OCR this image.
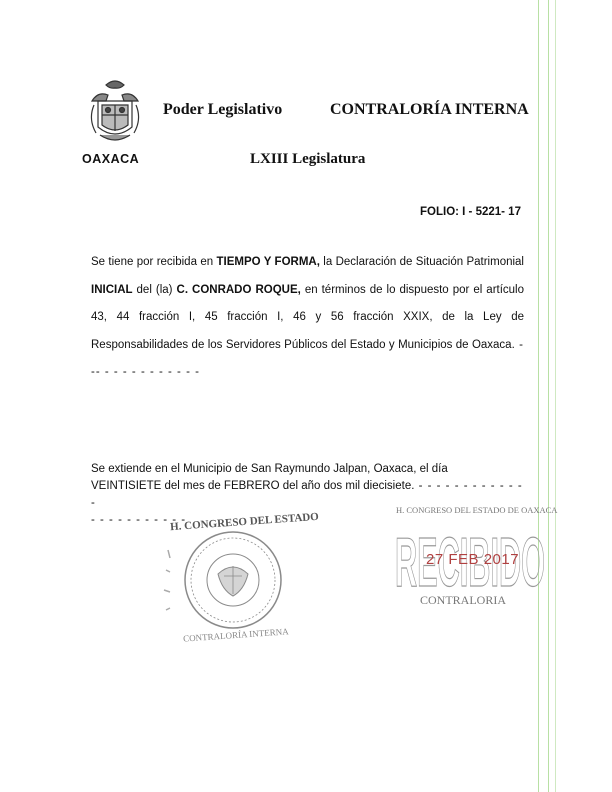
OAXACA
Poder Legislativo	CONTRALORÍA INTERNA
LXIII Legislatura
FOLIO: I - 5221- 17
Se tiene por recibida en TIEMPO Y FORMA, la Declaración de Situación Patrimonial INICIAL del (la) C. CONRADO ROQUE, en términos de lo dispuesto por el artículo 43, 44 fracción I, 45 fracción I, 46 y 56 fracción XXIX, de la Ley de Responsabilidades de los Servidores Públicos del Estado y Municipios de Oaxaca. - -- - - - - - - - - - - -
Se extiende en el Municipio de San Raymundo Jalpan, Oaxaca, el día
VEINTISIETE del mes de FEBRERO del año dos mil diecisiete. - - - - - - - - - - - - -
- - - - - - - - - - -
H. CONGRESO DEL ESTADO
CONTRALORÍA INTERNA
H. CONGRESO DEL ESTADO DE OAXACA
RECIBIDO
27 FEB 2017
CONTRALORIA
